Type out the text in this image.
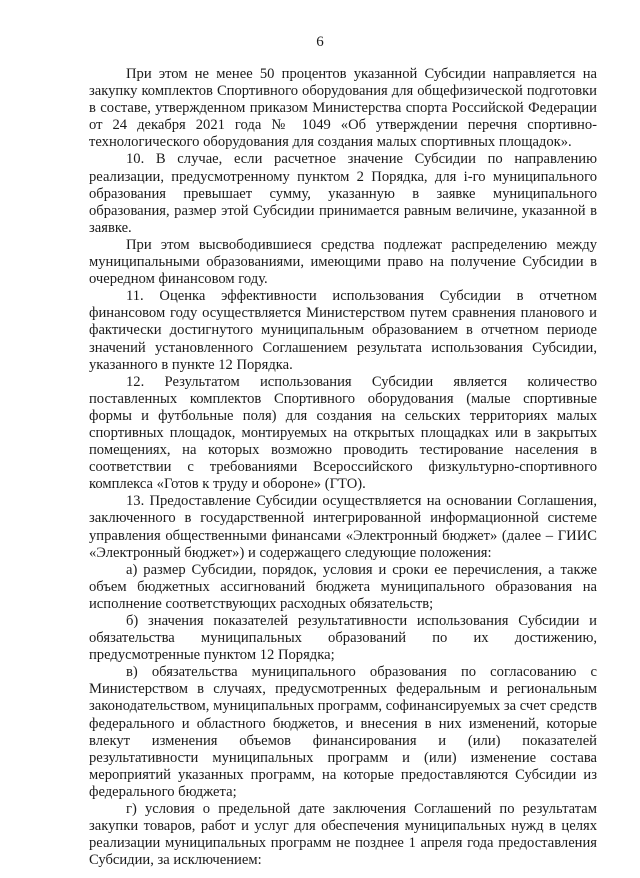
6

При этом не менее 50 процентов указанной Субсидии направляется на закупку комплектов Спортивного оборудования для общефизической подготовки в составе, утвержденном приказом Министерства спорта Российской Федерации от 24 декабря 2021 года № 1049 «Об утверждении перечня спортивно-технологического оборудования для создания малых спортивных площадок».

10. В случае, если расчетное значение Субсидии по направлению реализации, предусмотренному пунктом 2 Порядка, для i-го муниципального образования превышает сумму, указанную в заявке муниципального образования, размер этой Субсидии принимается равным величине, указанной в заявке.

При этом высвободившиеся средства подлежат распределению между муниципальными образованиями, имеющими право на получение Субсидии в очередном финансовом году.

11. Оценка эффективности использования Субсидии в отчетном финансовом году осуществляется Министерством путем сравнения планового и фактически достигнутого муниципальным образованием в отчетном периоде значений установленного Соглашением результата использования Субсидии, указанного в пункте 12 Порядка.

12. Результатом использования Субсидии является количество поставленных комплектов Спортивного оборудования (малые спортивные формы и футбольные поля) для создания на сельских территориях малых спортивных площадок, монтируемых на открытых площадках или в закрытых помещениях, на которых возможно проводить тестирование населения в соответствии с требованиями Всероссийского физкультурно-спортивного комплекса «Готов к труду и обороне» (ГТО).

13. Предоставление Субсидии осуществляется на основании Соглашения, заключенного в государственной интегрированной информационной системе управления общественными финансами «Электронный бюджет» (далее – ГИИС «Электронный бюджет») и содержащего следующие положения:

а) размер Субсидии, порядок, условия и сроки ее перечисления, а также объем бюджетных ассигнований бюджета муниципального образования на исполнение соответствующих расходных обязательств;

б) значения показателей результативности использования Субсидии и обязательства муниципальных образований по их достижению, предусмотренные пунктом 12 Порядка;

в) обязательства муниципального образования по согласованию с Министерством в случаях, предусмотренных федеральным и региональным законодательством, муниципальных программ, софинансируемых за счет средств федерального и областного бюджетов, и внесения в них изменений, которые влекут изменения объемов финансирования и (или) показателей результативности муниципальных программ и (или) изменение состава мероприятий указанных программ, на которые предоставляются Субсидии из федерального бюджета;

г) условия о предельной дате заключения Соглашений по результатам закупки товаров, работ и услуг для обеспечения муниципальных нужд в целях реализации муниципальных программ не позднее 1 апреля года предоставления Субсидии, за исключением:
